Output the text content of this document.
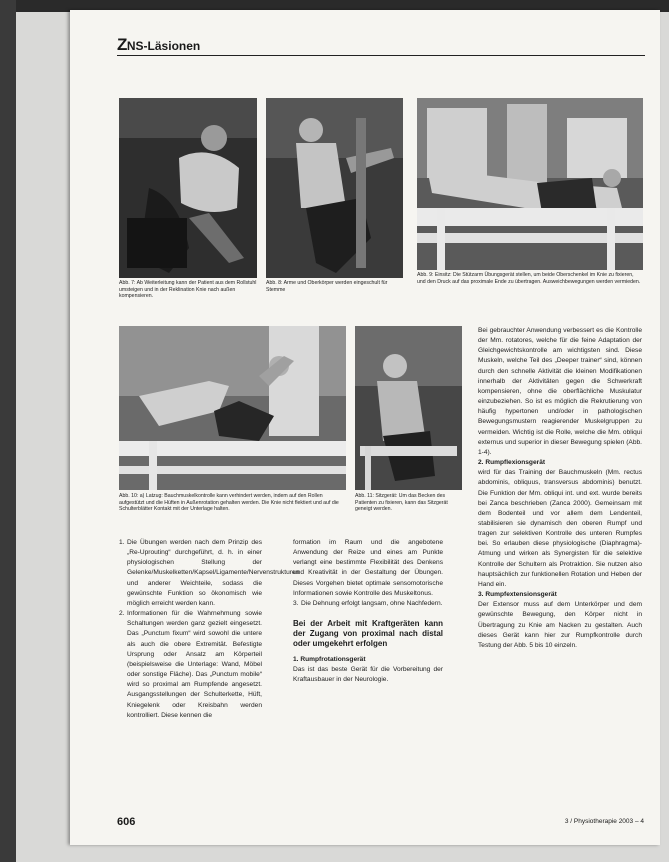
ZNS-Läsionen
Abb. 7: Ab Weiterleitung kann der Patient aus dem Rollstuhl umsteigen und in der Reklination Knie nach außen kompensieren.
Abb. 8: Arme und Oberkörper werden eingeschult für Stemme
Abb. 9: Einsitz: Die Stützarm Übungsgerät stellen, um beide Oberschenkel im Knie zu fixieren, und den Druck auf das proximale Ende zu übertragen. Ausweichbewegungen werden vermieden.
Abb. 10: a) Latzug: Bauchmuskelkontrolle kann verhindert werden, indem auf den Rollen aufgestützt und die Hüften in Außenrotation gehalten werden. Die Knie nicht flektiert und auf die Schulterblätter Kontakt mit der Unterlage halten.
Abb. 11: Sitzgerät: Um das Becken des Patienten zu fixieren, kann das Sitzgerät geneigt werden.
1. Die Übungen werden nach dem Prinzip des „Re-Uprouting“ durchgeführt, d. h. in einer physiologischen Stellung der Gelenke/Muskelketten/Kapsel/Ligamente/Nervenstrukturen und anderer Weichteile, sodass die gewünschte Funktion so ökonomisch wie möglich erreicht werden kann.
2. Informationen für die Wahrnehmung sowie Schaltungen werden ganz gezielt eingesetzt. Das „Punctum fixum“ wird sowohl die untere als auch die obere Extremität. Befestigte Ursprung oder Ansatz am Körperteil (beispielsweise die Unterlage: Wand, Möbel oder sonstige Fläche). Das „Punctum mobile“ wird so proximal am Rumpfende angesetzt. Ausgangsstellungen der Schulterkette, Hüft, Kniegelenk oder Kreisbahn werden kontrolliert. Diese kennen die

formation im Raum und die angebotene Anwendung der Reize und eines am Punkte verlangt eine bestimmte Flexibilität des Denkens und Kreativität in der Gestaltung der Übungen. Dieses Vorgehen bietet optimale sensomotorische Informationen sowie Kontrolle des Muskeltonus.

3. Die Dehnung erfolgt langsam, ohne Nachfedern.
Bei der Arbeit mit Kraftgeräten kann der Zugang von proximal nach distal oder umgekehrt erfolgen

1. Rumpfrotationsgerät

Das ist das beste Gerät für die Vorbereitung der Kraftausbauer in der Neurologie.

Bei gebrauchter Anwendung verbessert es die Kontrolle der Mm. rotatores, welche für die feine Adaptation der Gleichgewichtskontrolle am wichtigsten sind. Diese Muskeln, welche Teil des „Deeper trainer“ sind, können durch den schnelle Aktivität die kleinen Modifikationen innerhalb der Aktivitäten gegen die Schwerkraft kompensieren, ohne die oberflächliche Muskulatur einzubeziehen. So ist es möglich die Rekrutierung von häufig hypertonen und/oder in pathologischen Bewegungsmustern reagierender Muskelgruppen zu vermeiden. Wichtig ist die Rolle, welche die Mm. obliqui externus und superior in dieser Bewegung spielen (Abb. 1-4).

2. Rumpflexionsgerät

wird für das Training der Bauchmuskeln (Mm. rectus abdominis, obliquus, transversus abdominis) benutzt. Die Funktion der Mm. obliqui int. und ext. wurde bereits bei Zanca beschrieben (Zanca 2000). Gemeinsam mit dem Bodenteil und vor allem dem Lendenteil, stabilisieren sie dynamisch den oberen Rumpf und tragen zur selektiven Kontrolle des unteren Rumpfes bei. So erlauben diese physiologische (Diaphragma)-Atmung und wirken als Synergisten für die selektive Kontrolle der Schultern als Protraktion. Sie nutzen also hauptsächlich zur funktionellen Rotation und Heben der Hand ein.

3. Rumpfextensionsgerät

Der Extensor muss auf dem Unterkörper und dem gewünschte Bewegung, den Körper nicht in Übertragung zu Knie am Nacken zu gestalten. Auch dieses Gerät kann hier zur Rumpfkontrolle durch Testung der Abb. 5 bis 10 einzeln.

606	3 / Physiotherapie 2003 – 4
